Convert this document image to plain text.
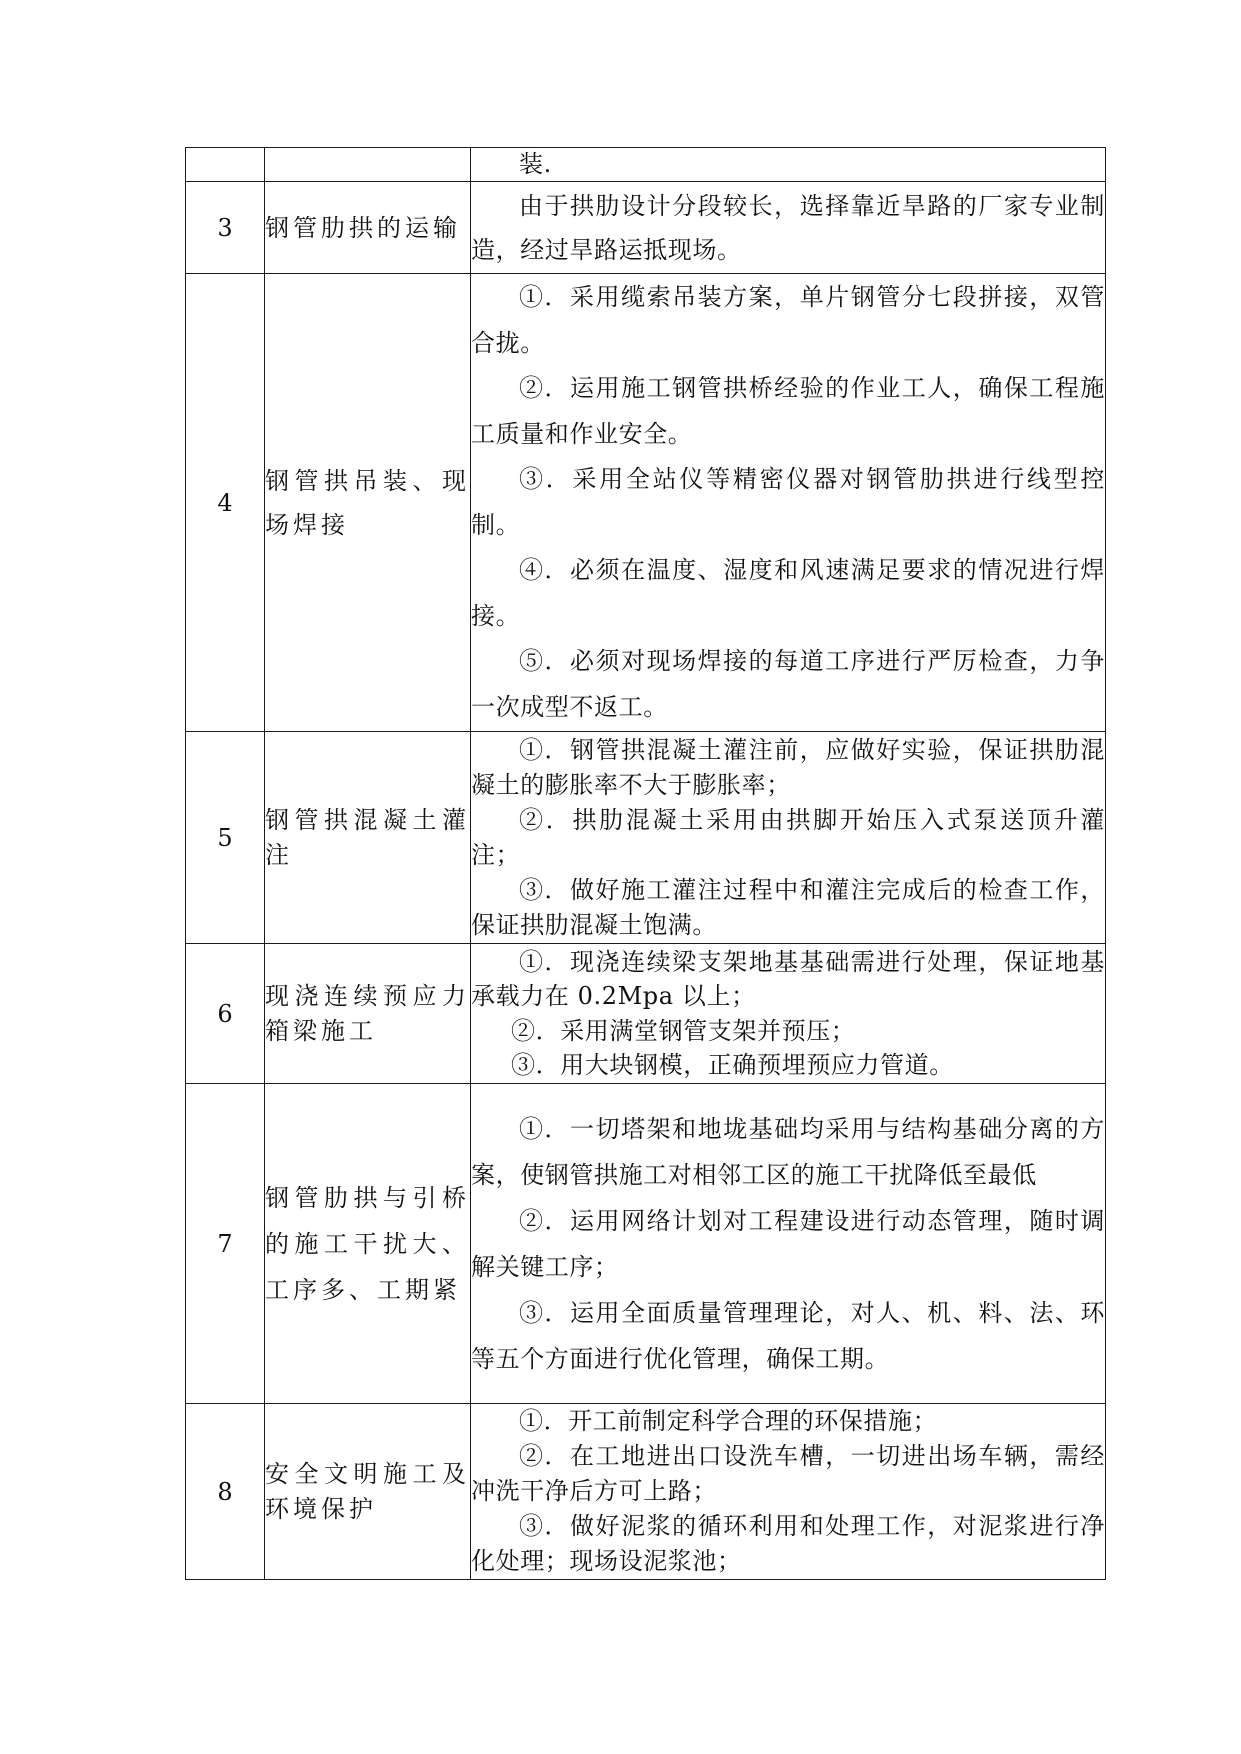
		装.

3	钢管肋拱的运输	由于拱肋设计分段较长，选择靠近旱路的厂家专业制造，经过旱路运抵现场。

4	钢管拱吊装、现场焊接	①．采用缆索吊装方案，单片钢管分七段拼接，双管合拢。

②．运用施工钢管拱桥经验的作业工人，确保工程施工质量和作业安全。

③．采用全站仪等精密仪器对钢管肋拱进行线型控制。

④．必须在温度、湿度和风速满足要求的情况进行焊接。

⑤．必须对现场焊接的每道工序进行严厉检查，力争一次成型不返工。

5	钢管拱混凝土灌注	①．钢管拱混凝土灌注前，应做好实验，保证拱肋混凝土的膨胀率不大于膨胀率；

②．拱肋混凝土采用由拱脚开始压入式泵送顶升灌注；

③．做好施工灌注过程中和灌注完成后的检查工作，保证拱肋混凝土饱满。

6	现浇连续预应力箱梁施工	①．现浇连续梁支架地基基础需进行处理，保证地基承载力在 0.2Mpa 以上；

②．采用满堂钢管支架并预压；

③．用大块钢模，正确预埋预应力管道。

7	钢管肋拱与引桥的施工干扰大、工序多、工期紧	①．一切塔架和地垅基础均采用与结构基础分离的方案，使钢管拱施工对相邻工区的施工干扰降低至最低

②．运用网络计划对工程建设进行动态管理，随时调解关键工序；

③．运用全面质量管理理论，对人、机、料、法、环等五个方面进行优化管理，确保工期。

8	安全文明施工及环境保护	①．开工前制定科学合理的环保措施；

②．在工地进出口设洗车槽，一切进出场车辆，需经冲洗干净后方可上路；

③．做好泥浆的循环利用和处理工作，对泥浆进行净化处理；现场设泥浆池；
